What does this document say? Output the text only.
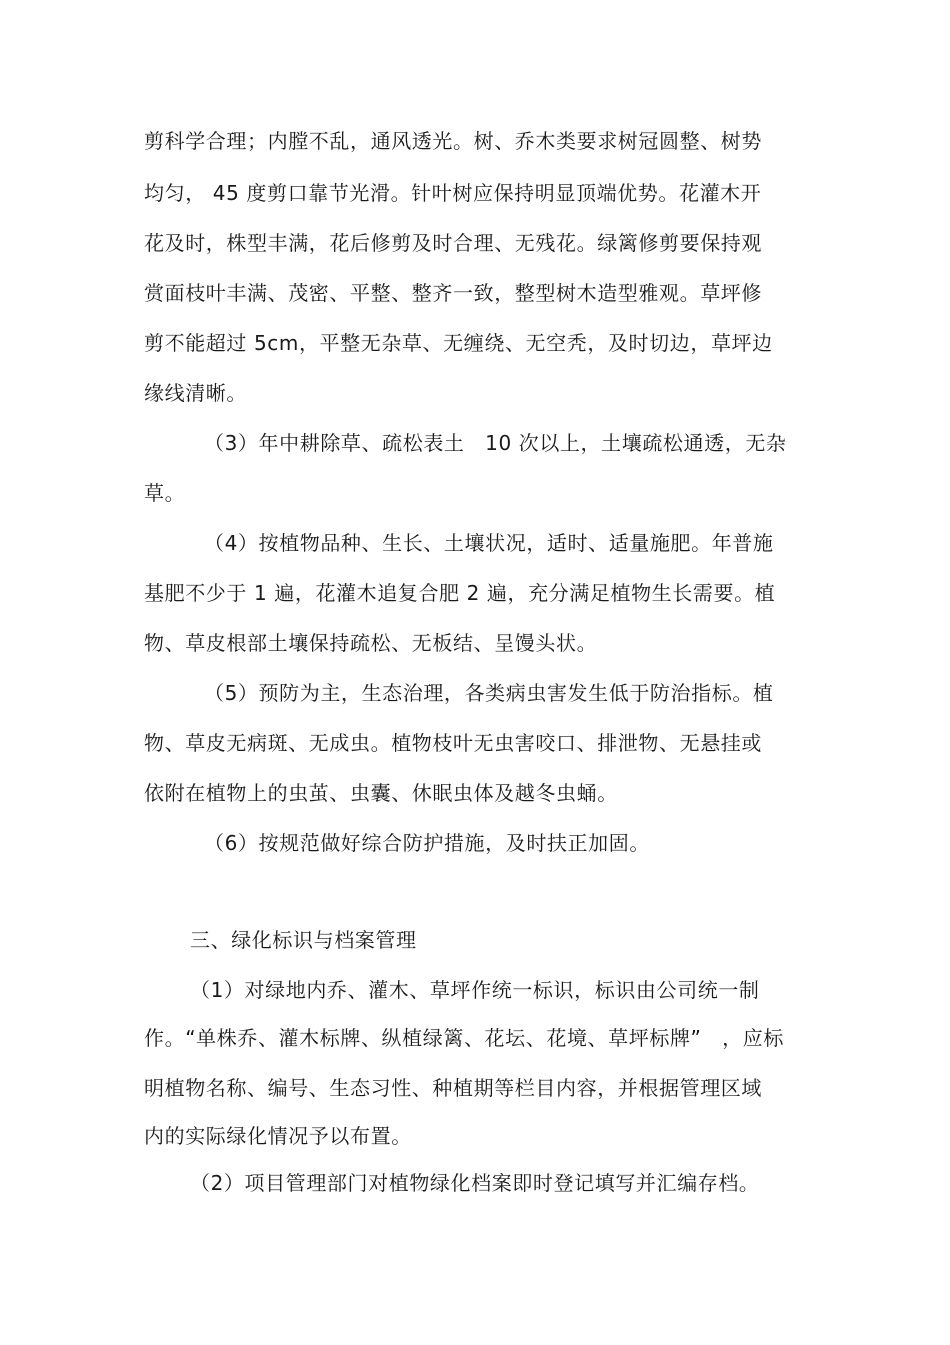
剪科学合理；内膛不乱，通风透光。树、乔木类要求树冠圆整、树势
均匀， 45 度剪口靠节光滑。针叶树应保持明显顶端优势。花灌木开
花及时，株型丰满，花后修剪及时合理、无残花。绿篱修剪要保持观
赏面枝叶丰满、茂密、平整、整齐一致，整型树木造型雅观。草坪修
剪不能超过 5cm，平整无杂草、无缠绕、无空秃，及时切边，草坪边
缘线清晰。
（3）年中耕除草、疏松表土　10 次以上，土壤疏松通透，无杂
草。
（4）按植物品种、生长、土壤状况，适时、适量施肥。年普施
基肥不少于 1 遍，花灌木追复合肥 2 遍，充分满足植物生长需要。植
物、草皮根部土壤保持疏松、无板结、呈馒头状。
（5）预防为主，生态治理，各类病虫害发生低于防治指标。植
物、草皮无病斑、无成虫。植物枝叶无虫害咬口、排泄物、无悬挂或
依附在植物上的虫茧、虫囊、休眠虫体及越冬虫蛹。
（6）按规范做好综合防护措施，及时扶正加固。
三、绿化标识与档案管理
（1）对绿地内乔、灌木、草坪作统一标识，标识由公司统一制
作。“单株乔、灌木标牌、纵植绿篱、花坛、花境、草坪标牌”　，应标
明植物名称、编号、生态习性、种植期等栏目内容，并根据管理区域
内的实际绿化情况予以布置。
（2）项目管理部门对植物绿化档案即时登记填写并汇编存档。
